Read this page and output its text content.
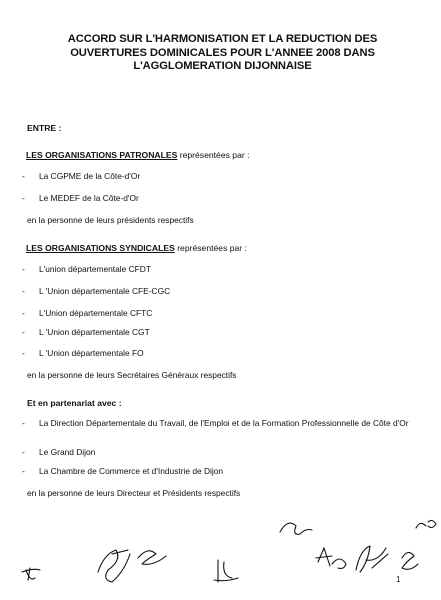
ACCORD SUR L'HARMONISATION ET LA REDUCTION DES
OUVERTURES DOMINICALES POUR L'ANNEE 2008 DANS
L'AGGLOMERATION DIJONNAISE
ENTRE :
LES ORGANISATIONS PATRONALES représentées par :
- La CGPME de la Côte-d'Or
- Le MEDEF de la Côte-d'Or
en la personne de leurs présidents respectifs
LES ORGANISATIONS SYNDICALES représentées par :
- L'union départementale CFDT
- L 'Union départementale CFE-CGC
- L'Union départementale CFTC
- L 'Union départementale CGT
- L 'Union départementale FO
en la personne de leurs Secrétaires Généraux respectifs
Et en partenariat avec :
- La Direction Départementale du Travail, de l'Emploi et de la Formation Professionnelle de Côte d'Or
- Le Grand Dijon
- La Chambre de Commerce et d'Industrie de Dijon
en la personne de leurs Directeur et Présidents respectifs
1
